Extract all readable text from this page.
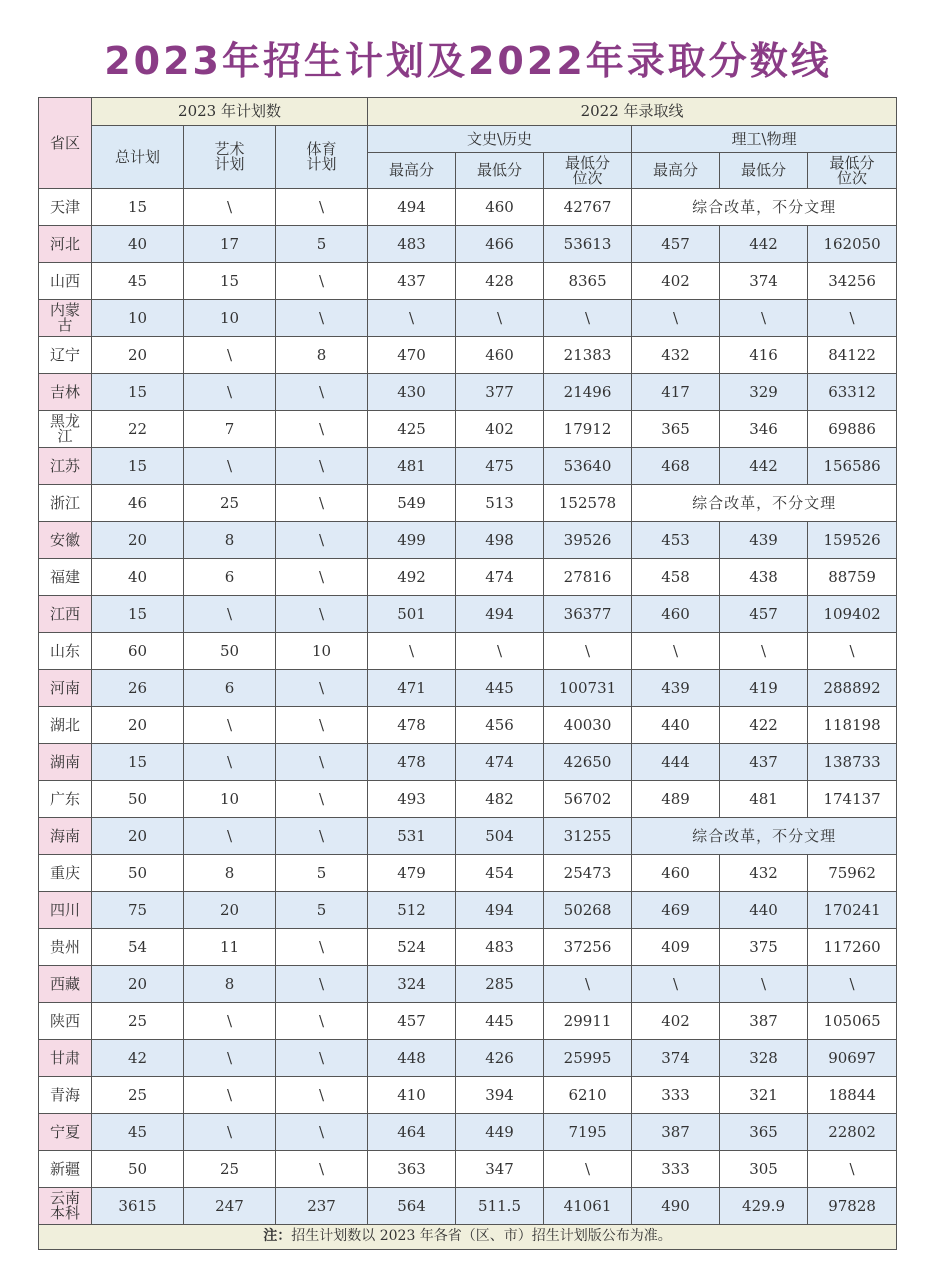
2023年招生计划及2022年录取分数线
省区	2023 年计划数			2022 年录取线					
	总计划	艺术计划	体育计划	文史\历史			理工\物理		
				最高分	最低分	最低分位次	最高分	最低分	最低分位次

天津	15	\	\	494	460	42767	综合改革，不分文理		
河北	40	17	5	483	466	53613	457	442	162050
山西	45	15	\	437	428	8365	402	374	34256

内蒙古	10	10	\	\	\	\	\	\	\
辽宁	20	\	8	470	460	21383	432	416	84122
吉林	15	\	\	430	377	21496	417	329	63312

黑龙江	22	7	\	425	402	17912	365	346	69886
江苏	15	\	\	481	475	53640	468	442	156586
浙江	46	25	\	549	513	152578	综合改革，不分文理		
安徽	20	8	\	499	498	39526	453	439	159526
福建	40	6	\	492	474	27816	458	438	88759
江西	15	\	\	501	494	36377	460	457	109402
山东	60	50	10	\	\	\	\	\	\
河南	26	6	\	471	445	100731	439	419	288892
湖北	20	\	\	478	456	40030	440	422	118198
湖南	15	\	\	478	474	42650	444	437	138733
广东	50	10	\	493	482	56702	489	481	174137
海南	20	\	\	531	504	31255	综合改革，不分文理		
重庆	50	8	5	479	454	25473	460	432	75962
四川	75	20	5	512	494	50268	469	440	170241
贵州	54	11	\	524	483	37256	409	375	117260
西藏	20	8	\	324	285	\	\	\	\
陕西	25	\	\	457	445	29911	402	387	105065
甘肃	42	\	\	448	426	25995	374	328	90697
青海	25	\	\	410	394	6210	333	321	18844
宁夏	45	\	\	464	449	7195	387	365	22802
新疆	50	25	\	363	347	\	333	305	\

云南本科	3615	247	237	564	511.5	41061	490	429.9	97828
注：招生计划数以 2023 年各省（区、市）招生计划版公布为准。									
